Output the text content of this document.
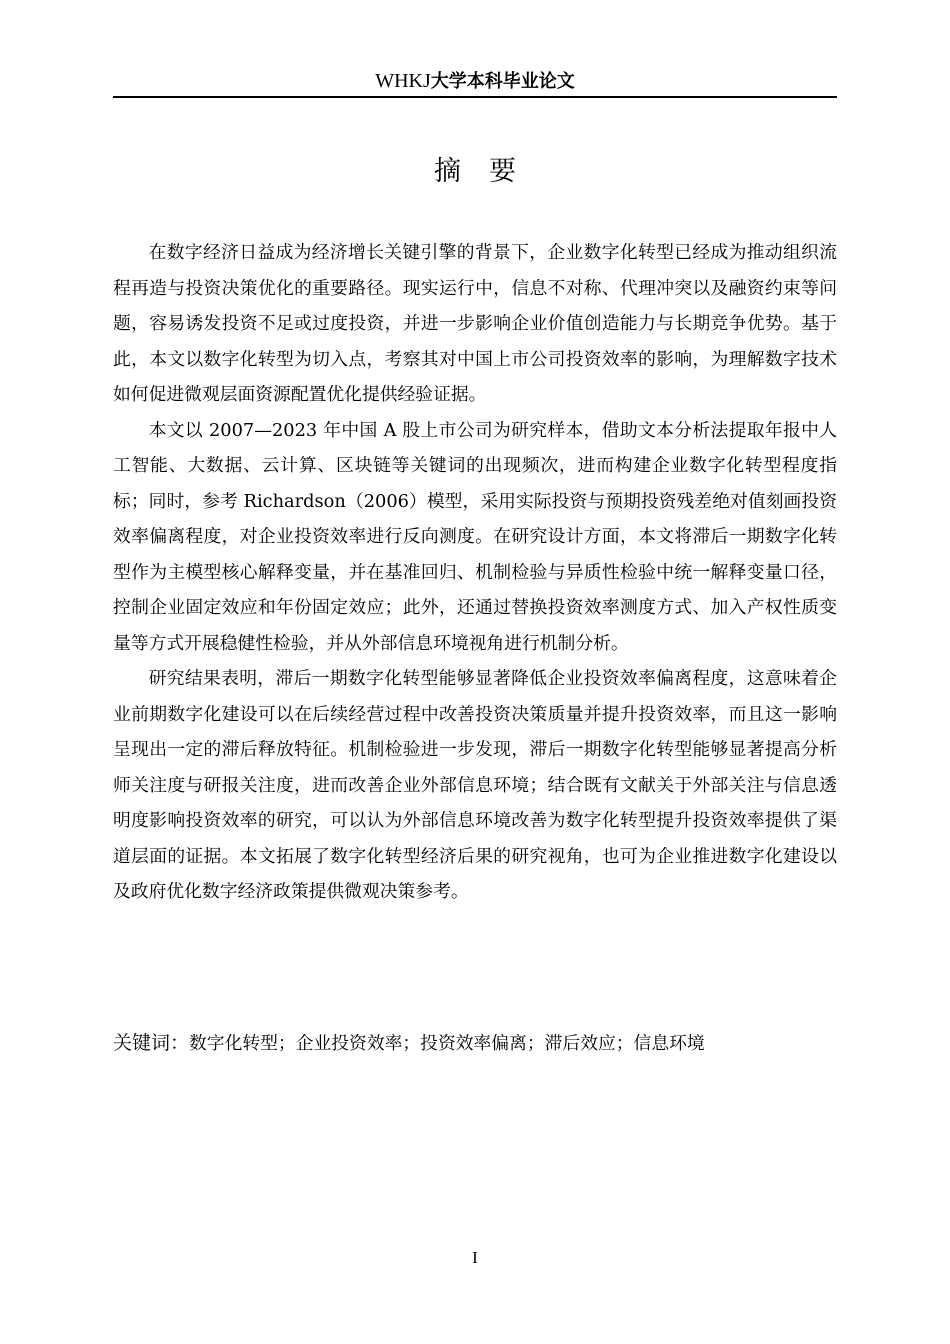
WHKJ大学本科毕业论文
摘要

在数字经济日益成为经济增长关键引擎的背景下，企业数字化转型已经成为推动组织流程再造与投资决策优化的重要路径。现实运行中，信息不对称、代理冲突以及融资约束等问题，容易诱发投资不足或过度投资，并进一步影响企业价值创造能力与长期竞争优势。基于此，本文以数字化转型为切入点，考察其对中国上市公司投资效率的影响，为理解数字技术如何促进微观层面资源配置优化提供经验证据。

本文以 2007—2023 年中国 A 股上市公司为研究样本，借助文本分析法提取年报中人工智能、大数据、云计算、区块链等关键词的出现频次，进而构建企业数字化转型程度指标；同时，参考 Richardson（2006）模型，采用实际投资与预期投资残差绝对值刻画投资效率偏离程度，对企业投资效率进行反向测度。在研究设计方面，本文将滞后一期数字化转型作为主模型核心解释变量，并在基准回归、机制检验与异质性检验中统一解释变量口径，控制企业固定效应和年份固定效应；此外，还通过替换投资效率测度方式、加入产权性质变量等方式开展稳健性检验，并从外部信息环境视角进行机制分析。

研究结果表明，滞后一期数字化转型能够显著降低企业投资效率偏离程度，这意味着企业前期数字化建设可以在后续经营过程中改善投资决策质量并提升投资效率，而且这一影响呈现出一定的滞后释放特征。机制检验进一步发现，滞后一期数字化转型能够显著提高分析师关注度与研报关注度，进而改善企业外部信息环境；结合既有文献关于外部关注与信息透明度影响投资效率的研究，可以认为外部信息环境改善为数字化转型提升投资效率提供了渠道层面的证据。本文拓展了数字化转型经济后果的研究视角，也可为企业推进数字化建设以及政府优化数字经济政策提供微观决策参考。

关键词：数字化转型；企业投资效率；投资效率偏离；滞后效应；信息环境
I
